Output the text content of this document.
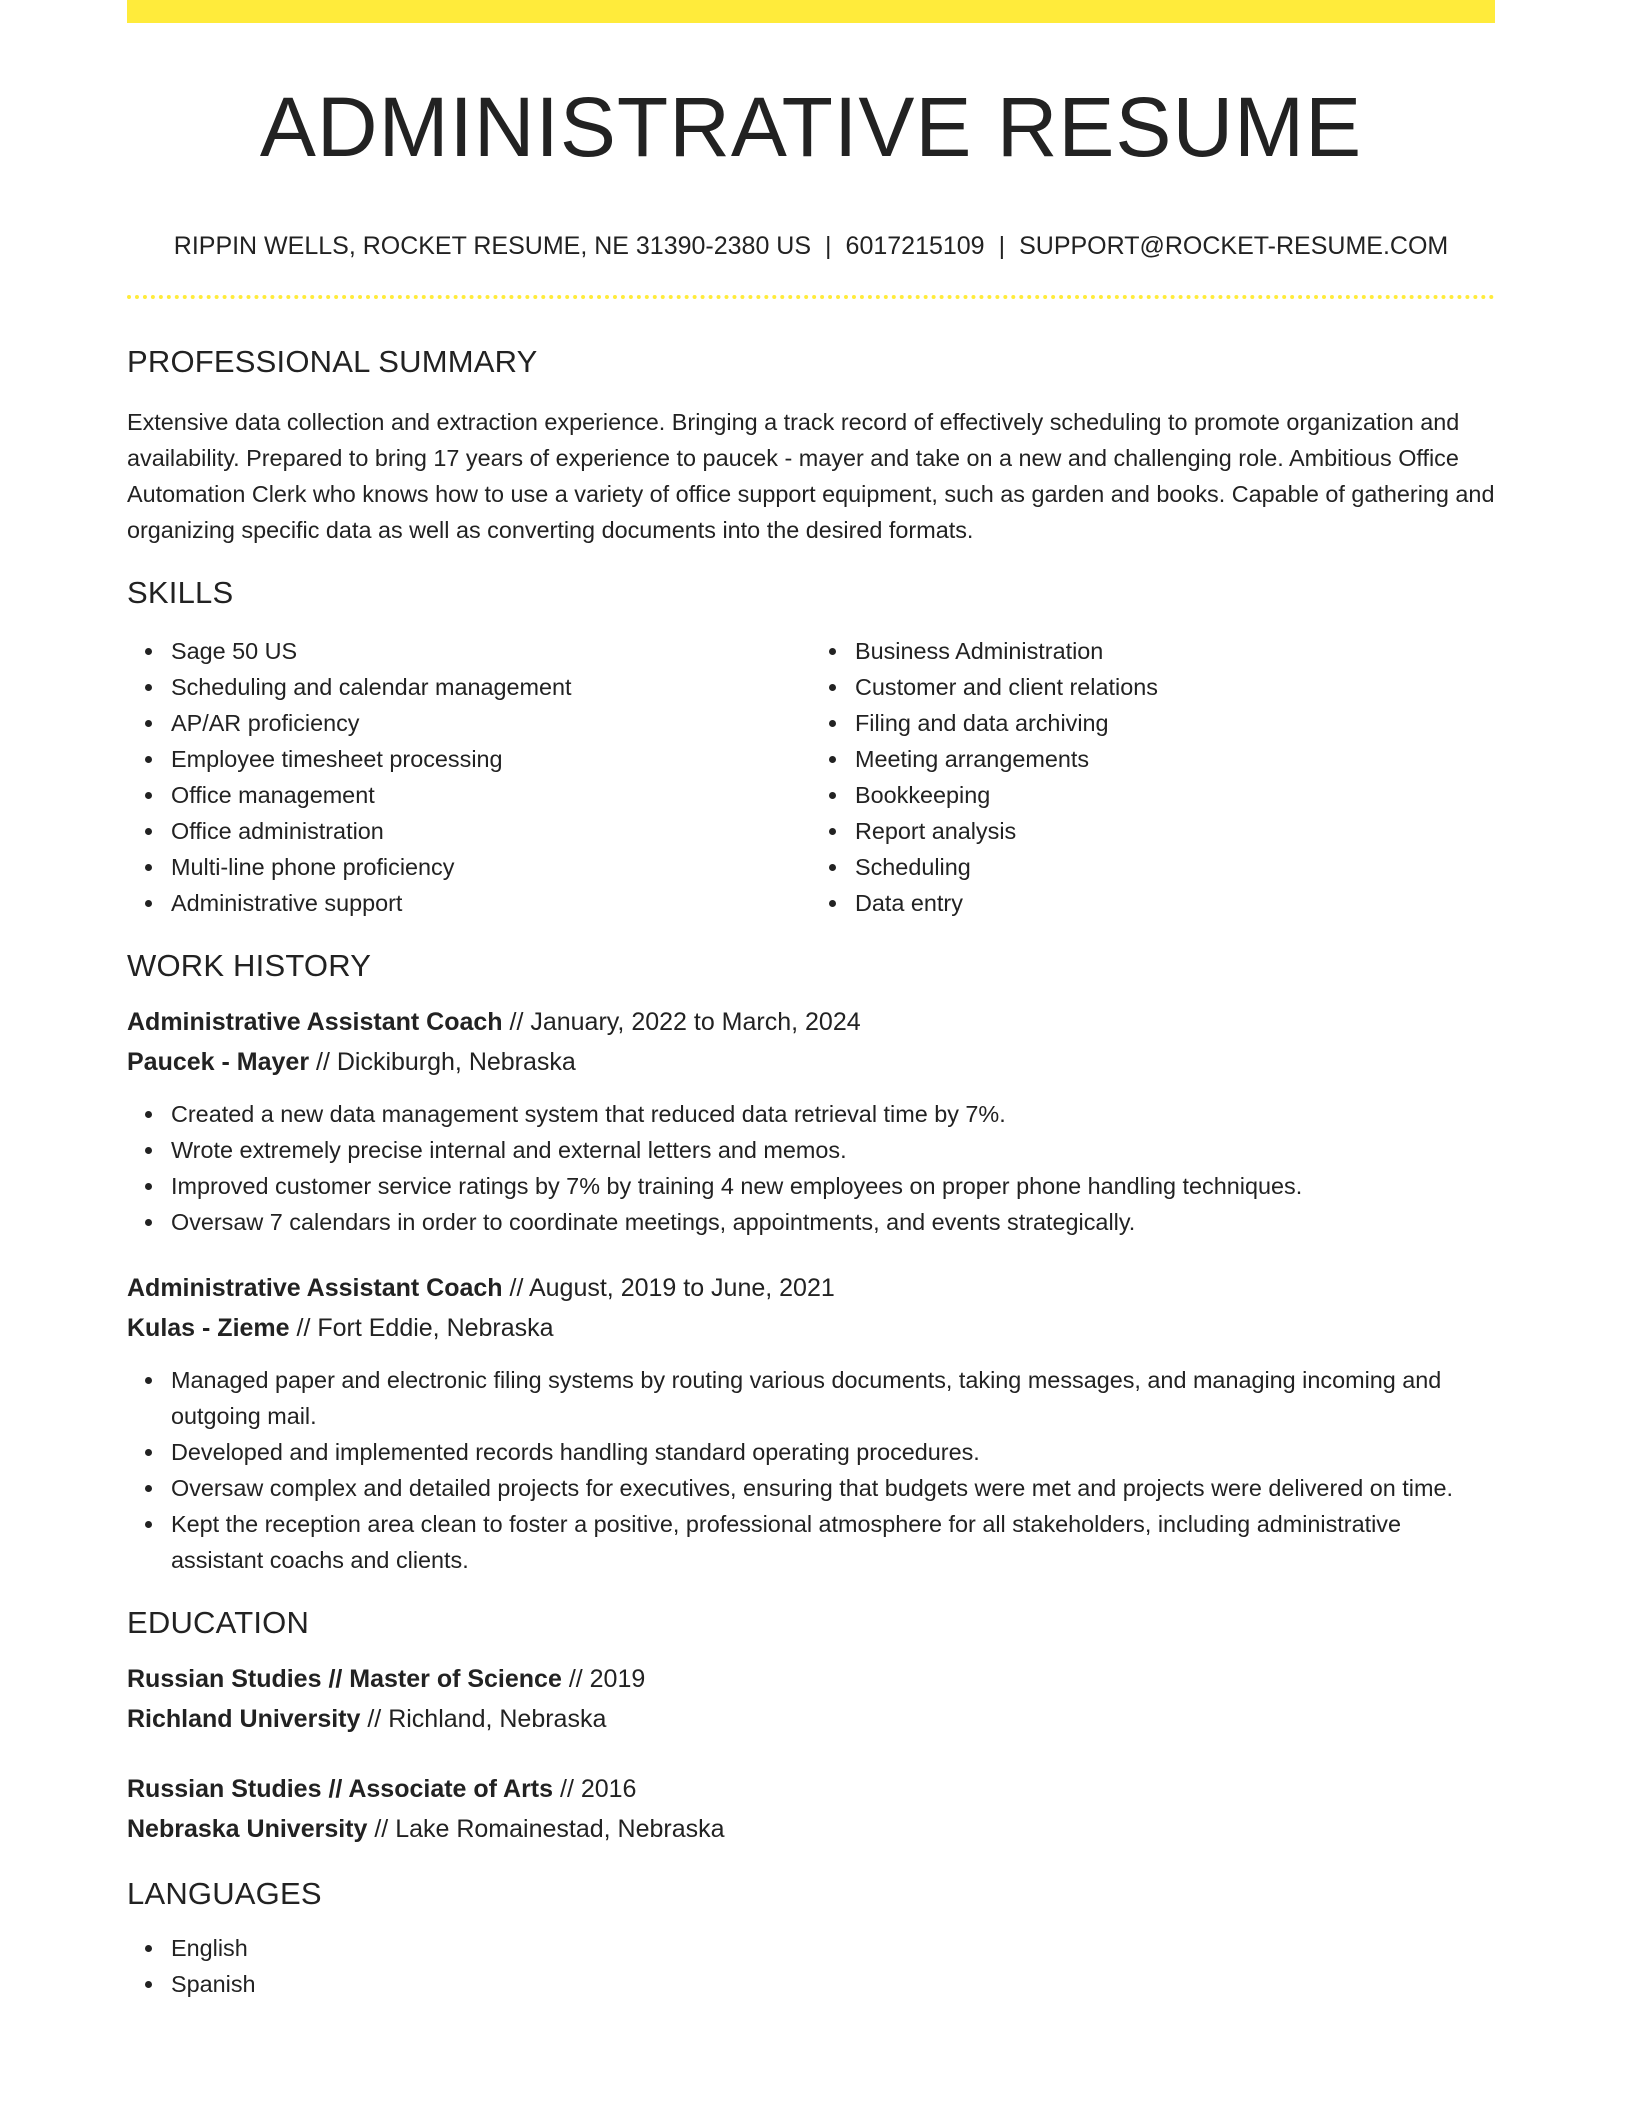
ADMINISTRATIVE RESUME
RIPPIN WELLS, ROCKET RESUME, NE 31390-2380 US | 6017215109 | SUPPORT@ROCKET-RESUME.COM
PROFESSIONAL SUMMARY
Extensive data collection and extraction experience. Bringing a track record of effectively scheduling to promote organization and availability. Prepared to bring 17 years of experience to paucek - mayer and take on a new and challenging role. Ambitious Office Automation Clerk who knows how to use a variety of office support equipment, such as garden and books. Capable of gathering and organizing specific data as well as converting documents into the desired formats.
SKILLS
Sage 50 US
Scheduling and calendar management
AP/AR proficiency
Employee timesheet processing
Office management
Office administration
Multi-line phone proficiency
Administrative support
Business Administration
Customer and client relations
Filing and data archiving
Meeting arrangements
Bookkeeping
Report analysis
Scheduling
Data entry
WORK HISTORY
Administrative Assistant Coach // January, 2022 to March, 2024
Paucek - Mayer // Dickiburgh, Nebraska
Created a new data management system that reduced data retrieval time by 7%.
Wrote extremely precise internal and external letters and memos.
Improved customer service ratings by 7% by training 4 new employees on proper phone handling techniques.
Oversaw 7 calendars in order to coordinate meetings, appointments, and events strategically.
Administrative Assistant Coach // August, 2019 to June, 2021
Kulas - Zieme // Fort Eddie, Nebraska
Managed paper and electronic filing systems by routing various documents, taking messages, and managing incoming and outgoing mail.
Developed and implemented records handling standard operating procedures.
Oversaw complex and detailed projects for executives, ensuring that budgets were met and projects were delivered on time.
Kept the reception area clean to foster a positive, professional atmosphere for all stakeholders, including administrative assistant coachs and clients.
EDUCATION
Russian Studies // Master of Science // 2019
Richland University // Richland, Nebraska
Russian Studies // Associate of Arts // 2016
Nebraska University // Lake Romainestad, Nebraska
LANGUAGES
English
Spanish
